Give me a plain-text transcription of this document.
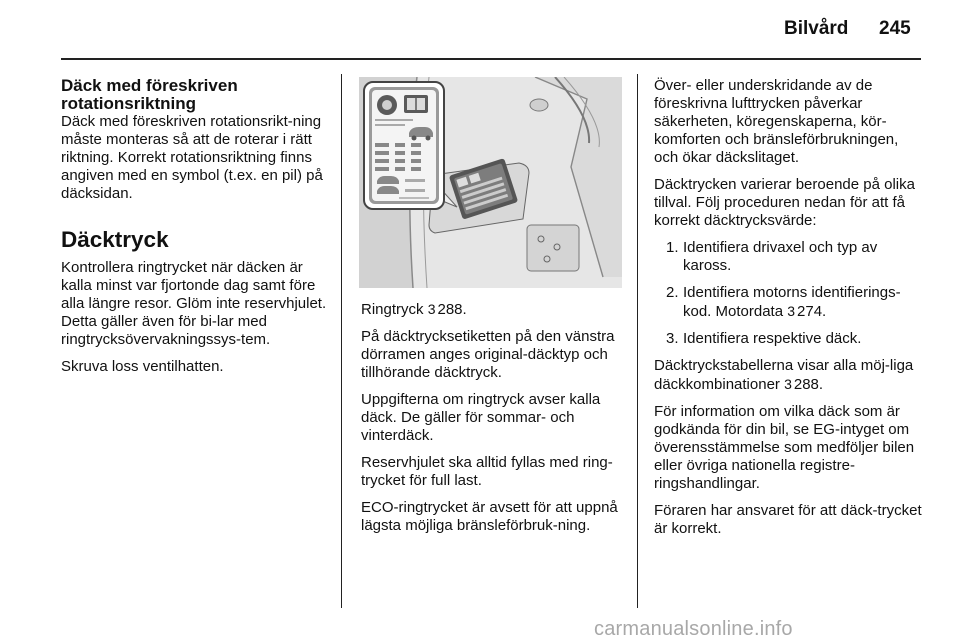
Bilvård 245
Däck med föreskriven rotationsriktning

Däck med föreskriven rotationsrikt-ning måste monteras så att de roterar i rätt riktning. Korrekt rotationsriktning finns angiven med en symbol (t.ex. en pil) på däcksidan.

Däcktryck

Kontrollera ringtrycket när däcken är kalla minst var fjortonde dag samt före alla längre resor. Glöm inte reservhjulet. Detta gäller även för bi-lar med ringtrycksövervakningssys-tem.

Skruva loss ventilhatten.

Ringtryck 3 288.

På däcktrycksetiketten på den vänstra dörramen anges original-däcktyp och tillhörande däcktryck.

Uppgifterna om ringtryck avser kalla däck. De gäller för sommar- och vinterdäck.

Reservhjulet ska alltid fyllas med ring-trycket för full last.

ECO-ringtrycket är avsett för att uppnå lägsta möjliga bränsleförbruk-ning.

Över- eller underskridande av de föreskrivna lufttrycken påverkar säkerheten, köregenskaperna, kör-komforten och bränsleförbrukningen, och ökar däckslitaget.

Däcktrycken varierar beroende på olika tillval. Följ proceduren nedan för att få korrekt däcktrycksvärde:

1. Identifiera drivaxel och typ av kaross.
2. Identifiera motorns identifierings-kod. Motordata 3 274.
3. Identifiera respektive däck.

Däcktryckstabellerna visar alla möj-liga däckkombinationer 3 288.

För information om vilka däck som är godkända för din bil, se EG-intyget om överensstämmelse som medföljer bilen eller övriga nationella registre-ringshandlingar.

Föraren har ansvaret för att däck-trycket är korrekt.

carmanualsonline.info
